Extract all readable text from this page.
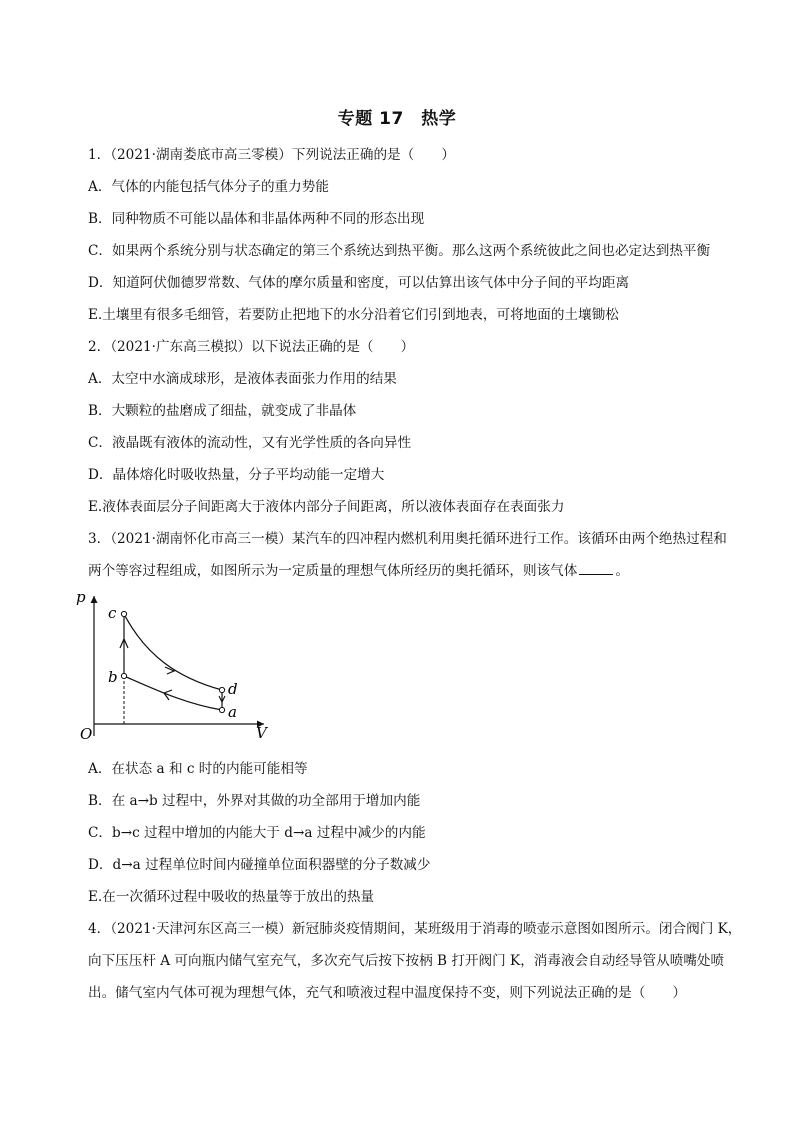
专题 17　热学
1．（2021·湖南娄底市高三零模）下列说法正确的是（　　）
A．气体的内能包括气体分子的重力势能
B．同种物质不可能以晶体和非晶体两种不同的形态出现
C．如果两个系统分别与状态确定的第三个系统达到热平衡。那么这两个系统彼此之间也必定达到热平衡
D．知道阿伏伽德罗常数、气体的摩尔质量和密度，可以估算出该气体中分子间的平均距离
E.土壤里有很多毛细管，若要防止把地下的水分沿着它们引到地表，可将地面的土壤锄松
2．（2021·广东高三模拟）以下说法正确的是（　　）
A．太空中水滴成球形，是液体表面张力作用的结果
B．大颗粒的盐磨成了细盐，就变成了非晶体
C．液晶既有液体的流动性，又有光学性质的各向异性
D．晶体熔化时吸收热量，分子平均动能一定增大
E.液体表面层分子间距离大于液体内部分子间距离，所以液体表面存在表面张力
3．（2021·湖南怀化市高三一模）某汽车的四冲程内燃机利用奥托循环进行工作。该循环由两个绝热过程和
两个等容过程组成，如图所示为一定质量的理想气体所经历的奥托循环，则该气体	。
p
V
O
c
b
d
a
A．在状态 a 和 c 时的内能可能相等
B．在 a→b 过程中，外界对其做的功全部用于增加内能
C．b→c 过程中增加的内能大于 d→a 过程中减少的内能
D．d→a 过程单位时间内碰撞单位面积器壁的分子数减少
E.在一次循环过程中吸收的热量等于放出的热量
4．（2021·天津河东区高三一模）新冠肺炎疫情期间，某班级用于消毒的喷壶示意图如图所示。闭合阀门 K，
向下压压杆 A 可向瓶内储气室充气，多次充气后按下按柄 B 打开阀门 K，消毒液会自动经导管从喷嘴处喷
出。储气室内气体可视为理想气体，充气和喷液过程中温度保持不变，则下列说法正确的是（　　）
